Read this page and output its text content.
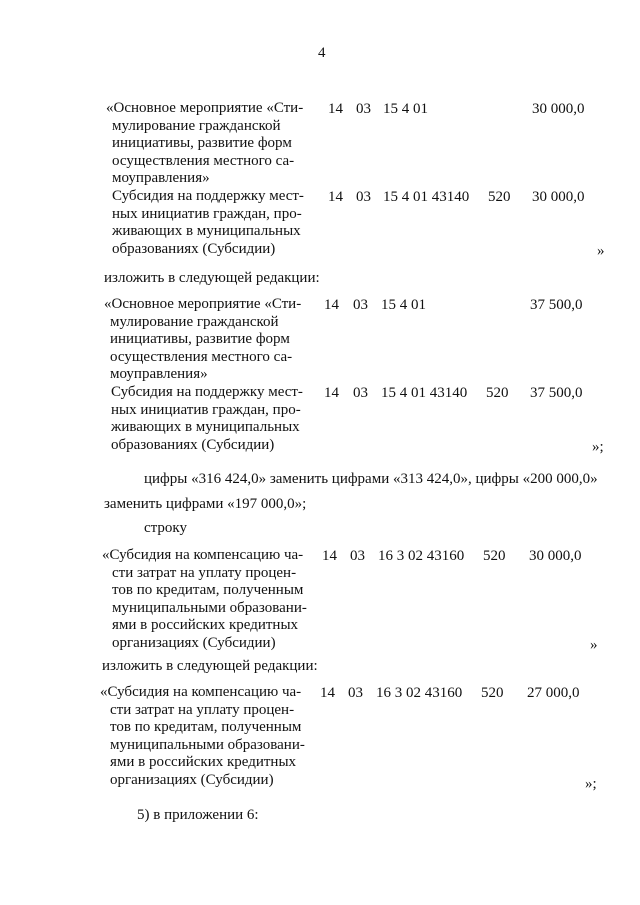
4
«Основное мероприятие «Сти-
мулирование гражданской
инициативы, развитие форм
осуществления местного са-
моуправления»
14 03 15 4 01	30 000,0
Субсидия на поддержку мест-
ных инициатив граждан, про-
живающих в муниципальных
образованиях (Субсидии)
14 03 15 4 01 43140 520 30 000,0
»
изложить в следующей редакции:
«Основное мероприятие «Сти-
мулирование гражданской
инициативы, развитие форм
осуществления местного са-
моуправления»
14 03 15 4 01	37 500,0
Субсидия на поддержку мест-
ных инициатив граждан, про-
живающих в муниципальных
образованиях (Субсидии)
14 03 15 4 01 43140 520 37 500,0
»;
цифры «316 424,0» заменить цифрами «313 424,0», цифры «200 000,0»
заменить цифрами «197 000,0»;
строку
«Субсидия на компенсацию ча-
сти затрат на уплату процен-
тов по кредитам, полученным
муниципальными образовани-
ями в российских кредитных
организациях (Субсидии)
14 03 16 3 02 43160 520 30 000,0
»
изложить в следующей редакции:
«Субсидия на компенсацию ча-
сти затрат на уплату процен-
тов по кредитам, полученным
муниципальными образовани-
ями в российских кредитных
организациях (Субсидии)
14 03 16 3 02 43160 520 27 000,0
»;
5) в приложении 6:
